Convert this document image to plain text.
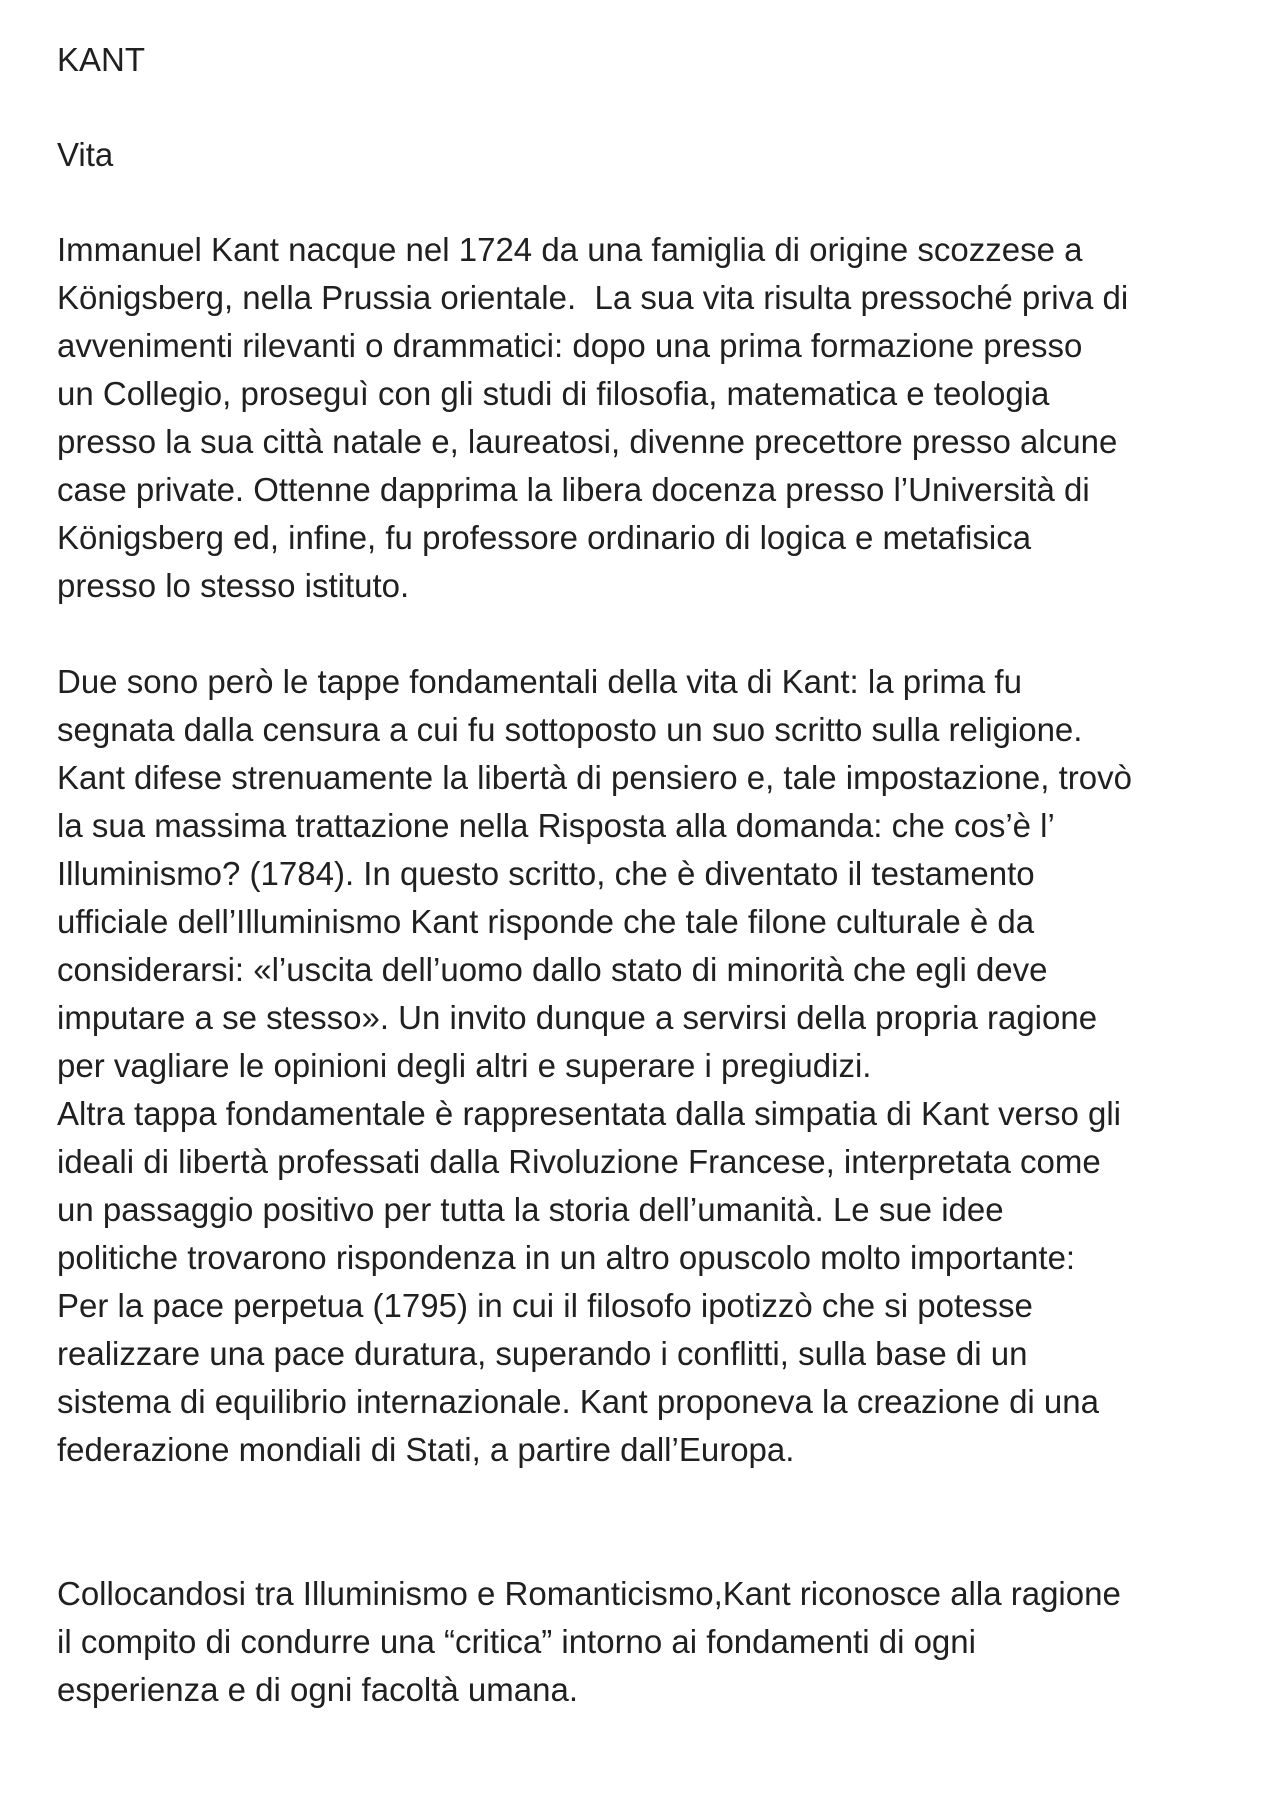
KANT
Vita
Immanuel Kant nacque nel 1724 da una famiglia di origine scozzese a
Königsberg, nella Prussia orientale.  La sua vita risulta pressoché priva di
avvenimenti rilevanti o drammatici: dopo una prima formazione presso
un Collegio, proseguì con gli studi di filosofia, matematica e teologia
presso la sua città natale e, laureatosi, divenne precettore presso alcune
case private. Ottenne dapprima la libera docenza presso l’Università di
Königsberg ed, infine, fu professore ordinario di logica e metafisica
presso lo stesso istituto.
Due sono però le tappe fondamentali della vita di Kant: la prima fu
segnata dalla censura a cui fu sottoposto un suo scritto sulla religione.
Kant difese strenuamente la libertà di pensiero e, tale impostazione, trovò
la sua massima trattazione nella Risposta alla domanda: che cos’è l’
Illuminismo? (1784). In questo scritto, che è diventato il testamento
ufficiale dell’Illuminismo Kant risponde che tale filone culturale è da
considerarsi: «l’uscita dell’uomo dallo stato di minorità che egli deve
imputare a se stesso». Un invito dunque a servirsi della propria ragione
per vagliare le opinioni degli altri e superare i pregiudizi.
Altra tappa fondamentale è rappresentata dalla simpatia di Kant verso gli
ideali di libertà professati dalla Rivoluzione Francese, interpretata come
un passaggio positivo per tutta la storia dell’umanità. Le sue idee
politiche trovarono rispondenza in un altro opuscolo molto importante:
Per la pace perpetua (1795) in cui il filosofo ipotizzò che si potesse
realizzare una pace duratura, superando i conflitti, sulla base di un
sistema di equilibrio internazionale. Kant proponeva la creazione di una
federazione mondiali di Stati, a partire dall’Europa.
Collocandosi tra Illuminismo e Romanticismo,Kant riconosce alla ragione
il compito di condurre una “critica” intorno ai fondamenti di ogni
esperienza e di ogni facoltà umana.
